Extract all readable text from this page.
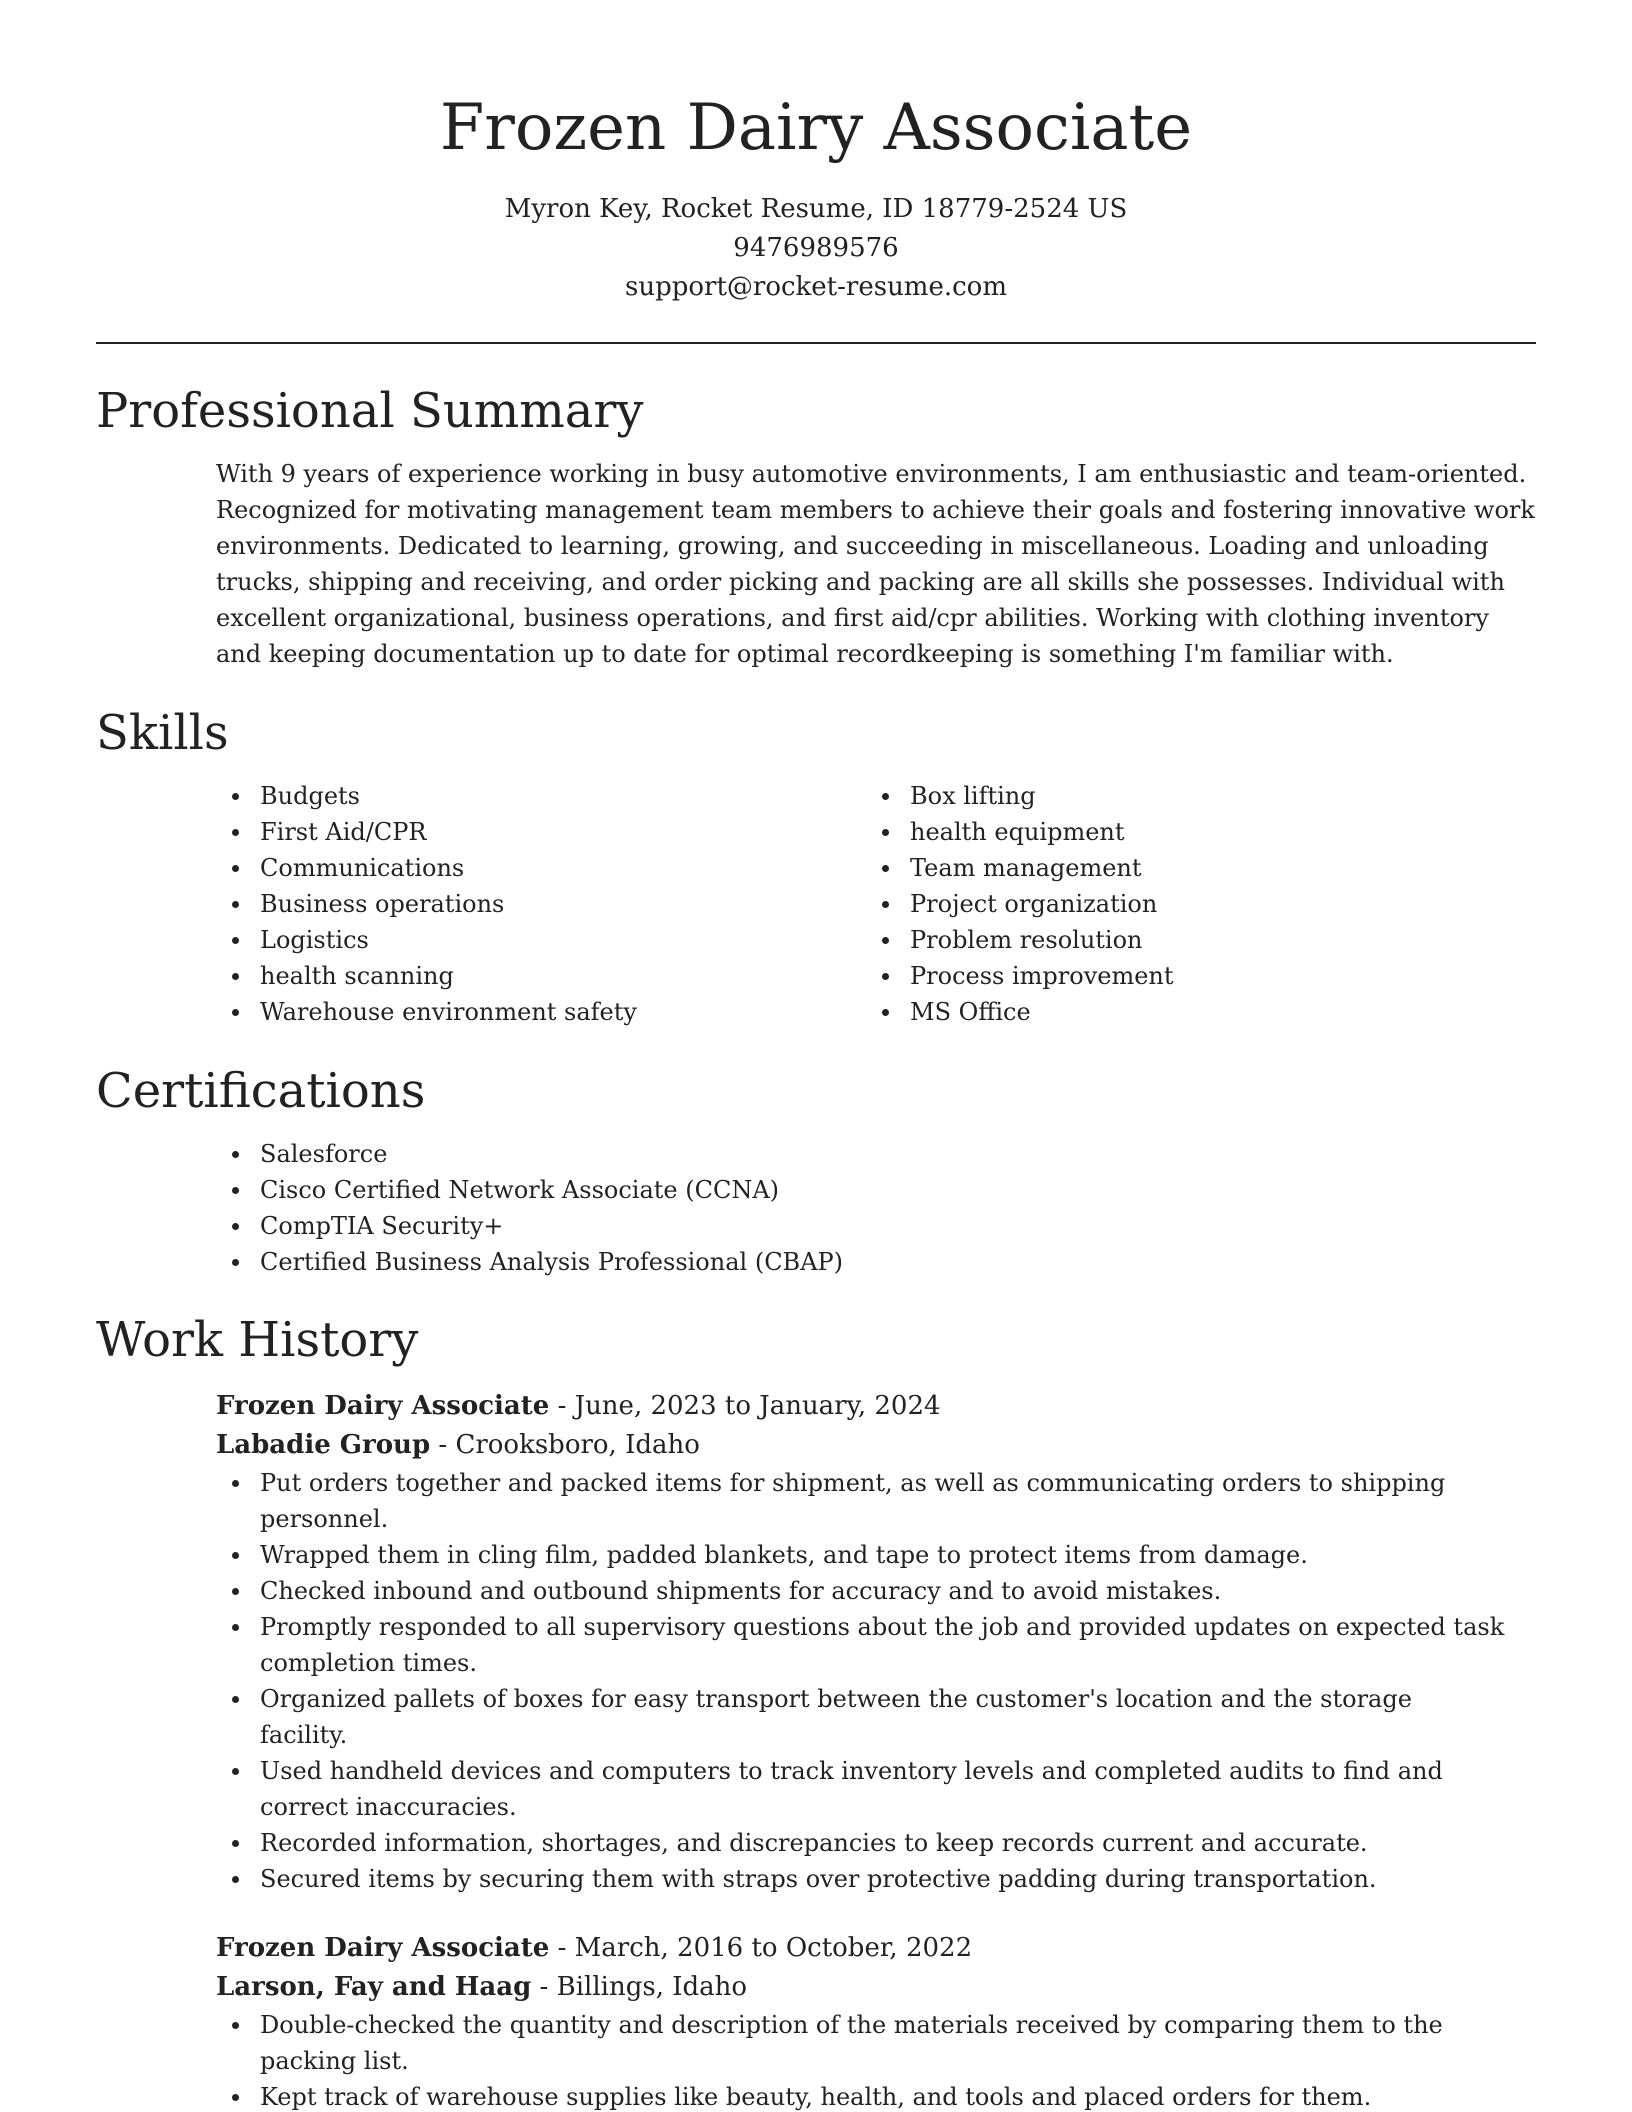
Frozen Dairy Associate
Myron Key, Rocket Resume, ID 18779-2524 US
9476989576
support@rocket-resume.com
Professional Summary

With 9 years of experience working in busy automotive environments, I am enthusiastic and team-oriented. Recognized for motivating management team members to achieve their goals and fostering innovative work environments. Dedicated to learning, growing, and succeeding in miscellaneous. Loading and unloading trucks, shipping and receiving, and order picking and packing are all skills she possesses. Individual with excellent organizational, business operations, and first aid/cpr abilities. Working with clothing inventory and keeping documentation up to date for optimal recordkeeping is something I'm familiar with.

Skills
Budgets
First Aid/CPR
Communications
Business operations
Logistics
health scanning
Warehouse environment safety
Box lifting
health equipment
Team management
Project organization
Problem resolution
Process improvement
MS Office
Certifications
Salesforce
Cisco Certified Network Associate (CCNA)
CompTIA Security+
Certified Business Analysis Professional (CBAP)
Work History
Frozen Dairy Associate - June, 2023 to January, 2024
Labadie Group - Crooksboro, Idaho
Put orders together and packed items for shipment, as well as communicating orders to shipping personnel.
Wrapped them in cling film, padded blankets, and tape to protect items from damage.
Checked inbound and outbound shipments for accuracy and to avoid mistakes.
Promptly responded to all supervisory questions about the job and provided updates on expected task completion times.
Organized pallets of boxes for easy transport between the customer's location and the storage facility.
Used handheld devices and computers to track inventory levels and completed audits to find and correct inaccuracies.
Recorded information, shortages, and discrepancies to keep records current and accurate.
Secured items by securing them with straps over protective padding during transportation.
Frozen Dairy Associate - March, 2016 to October, 2022
Larson, Fay and Haag - Billings, Idaho
Double-checked the quantity and description of the materials received by comparing them to the packing list.
Kept track of warehouse supplies like beauty, health, and tools and placed orders for them.
